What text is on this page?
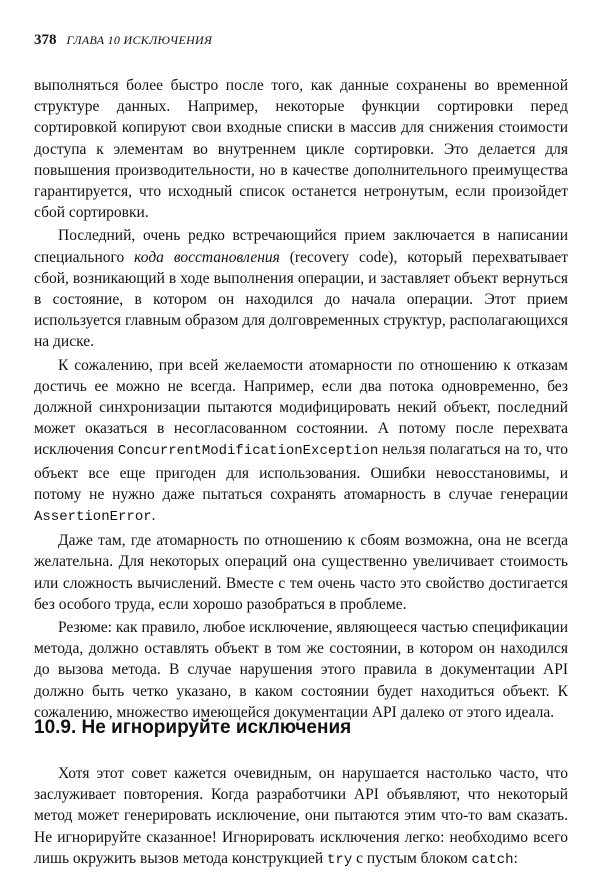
378 ГЛАВА 10 ИСКЛЮЧЕНИЯ

выполняться более быстро после того, как данные сохранены во временной структуре данных. Например, некоторые функции сортировки перед сортировкой копируют свои входные списки в массив для снижения стоимости доступа к элементам во внутреннем цикле сортировки. Это делается для повышения производительности, но в качестве дополнительного преимущества гарантируется, что исходный список останется нетронутым, если произойдет сбой сортировки.

Последний, очень редко встречающийся прием заключается в написании специального кода восстановления (recovery code), который перехватывает сбой, возникающий в ходе выполнения операции, и заставляет объект вернуться в состояние, в котором он находился до начала операции. Этот прием используется главным образом для долговременных структур, располагающихся на диске.

К сожалению, при всей желаемости атомарности по отношению к отказам достичь ее можно не всегда. Например, если два потока одновременно, без должной синхронизации пытаются модифицировать некий объект, последний может оказаться в несогласованном состоянии. А потому после перехвата исключения ConcurrentModificationException нельзя полагаться на то, что объект все еще пригоден для использования. Ошибки невосстановимы, и потому не нужно даже пытаться сохранять атомарность в случае генерации AssertionError.

Даже там, где атомарность по отношению к сбоям возможна, она не всегда желательна. Для некоторых операций она существенно увеличивает стоимость или сложность вычислений. Вместе с тем очень часто это свойство достигается без особого труда, если хорошо разобраться в проблеме.

Резюме: как правило, любое исключение, являющееся частью спецификации метода, должно оставлять объект в том же состоянии, в котором он находился до вызова метода. В случае нарушения этого правила в документации API должно быть четко указано, в каком состоянии будет находиться объект. К сожалению, множество имеющейся документации API далеко от этого идеала.

10.9. Не игнорируйте исключения

Хотя этот совет кажется очевидным, он нарушается настолько часто, что заслуживает повторения. Когда разработчики API объявляют, что некоторый метод может генерировать исключение, они пытаются этим что-то вам сказать. Не игнорируйте сказанное! Игнорировать исключения легко: необходимо всего лишь окружить вызов метода конструкцией try с пустым блоком catch:
